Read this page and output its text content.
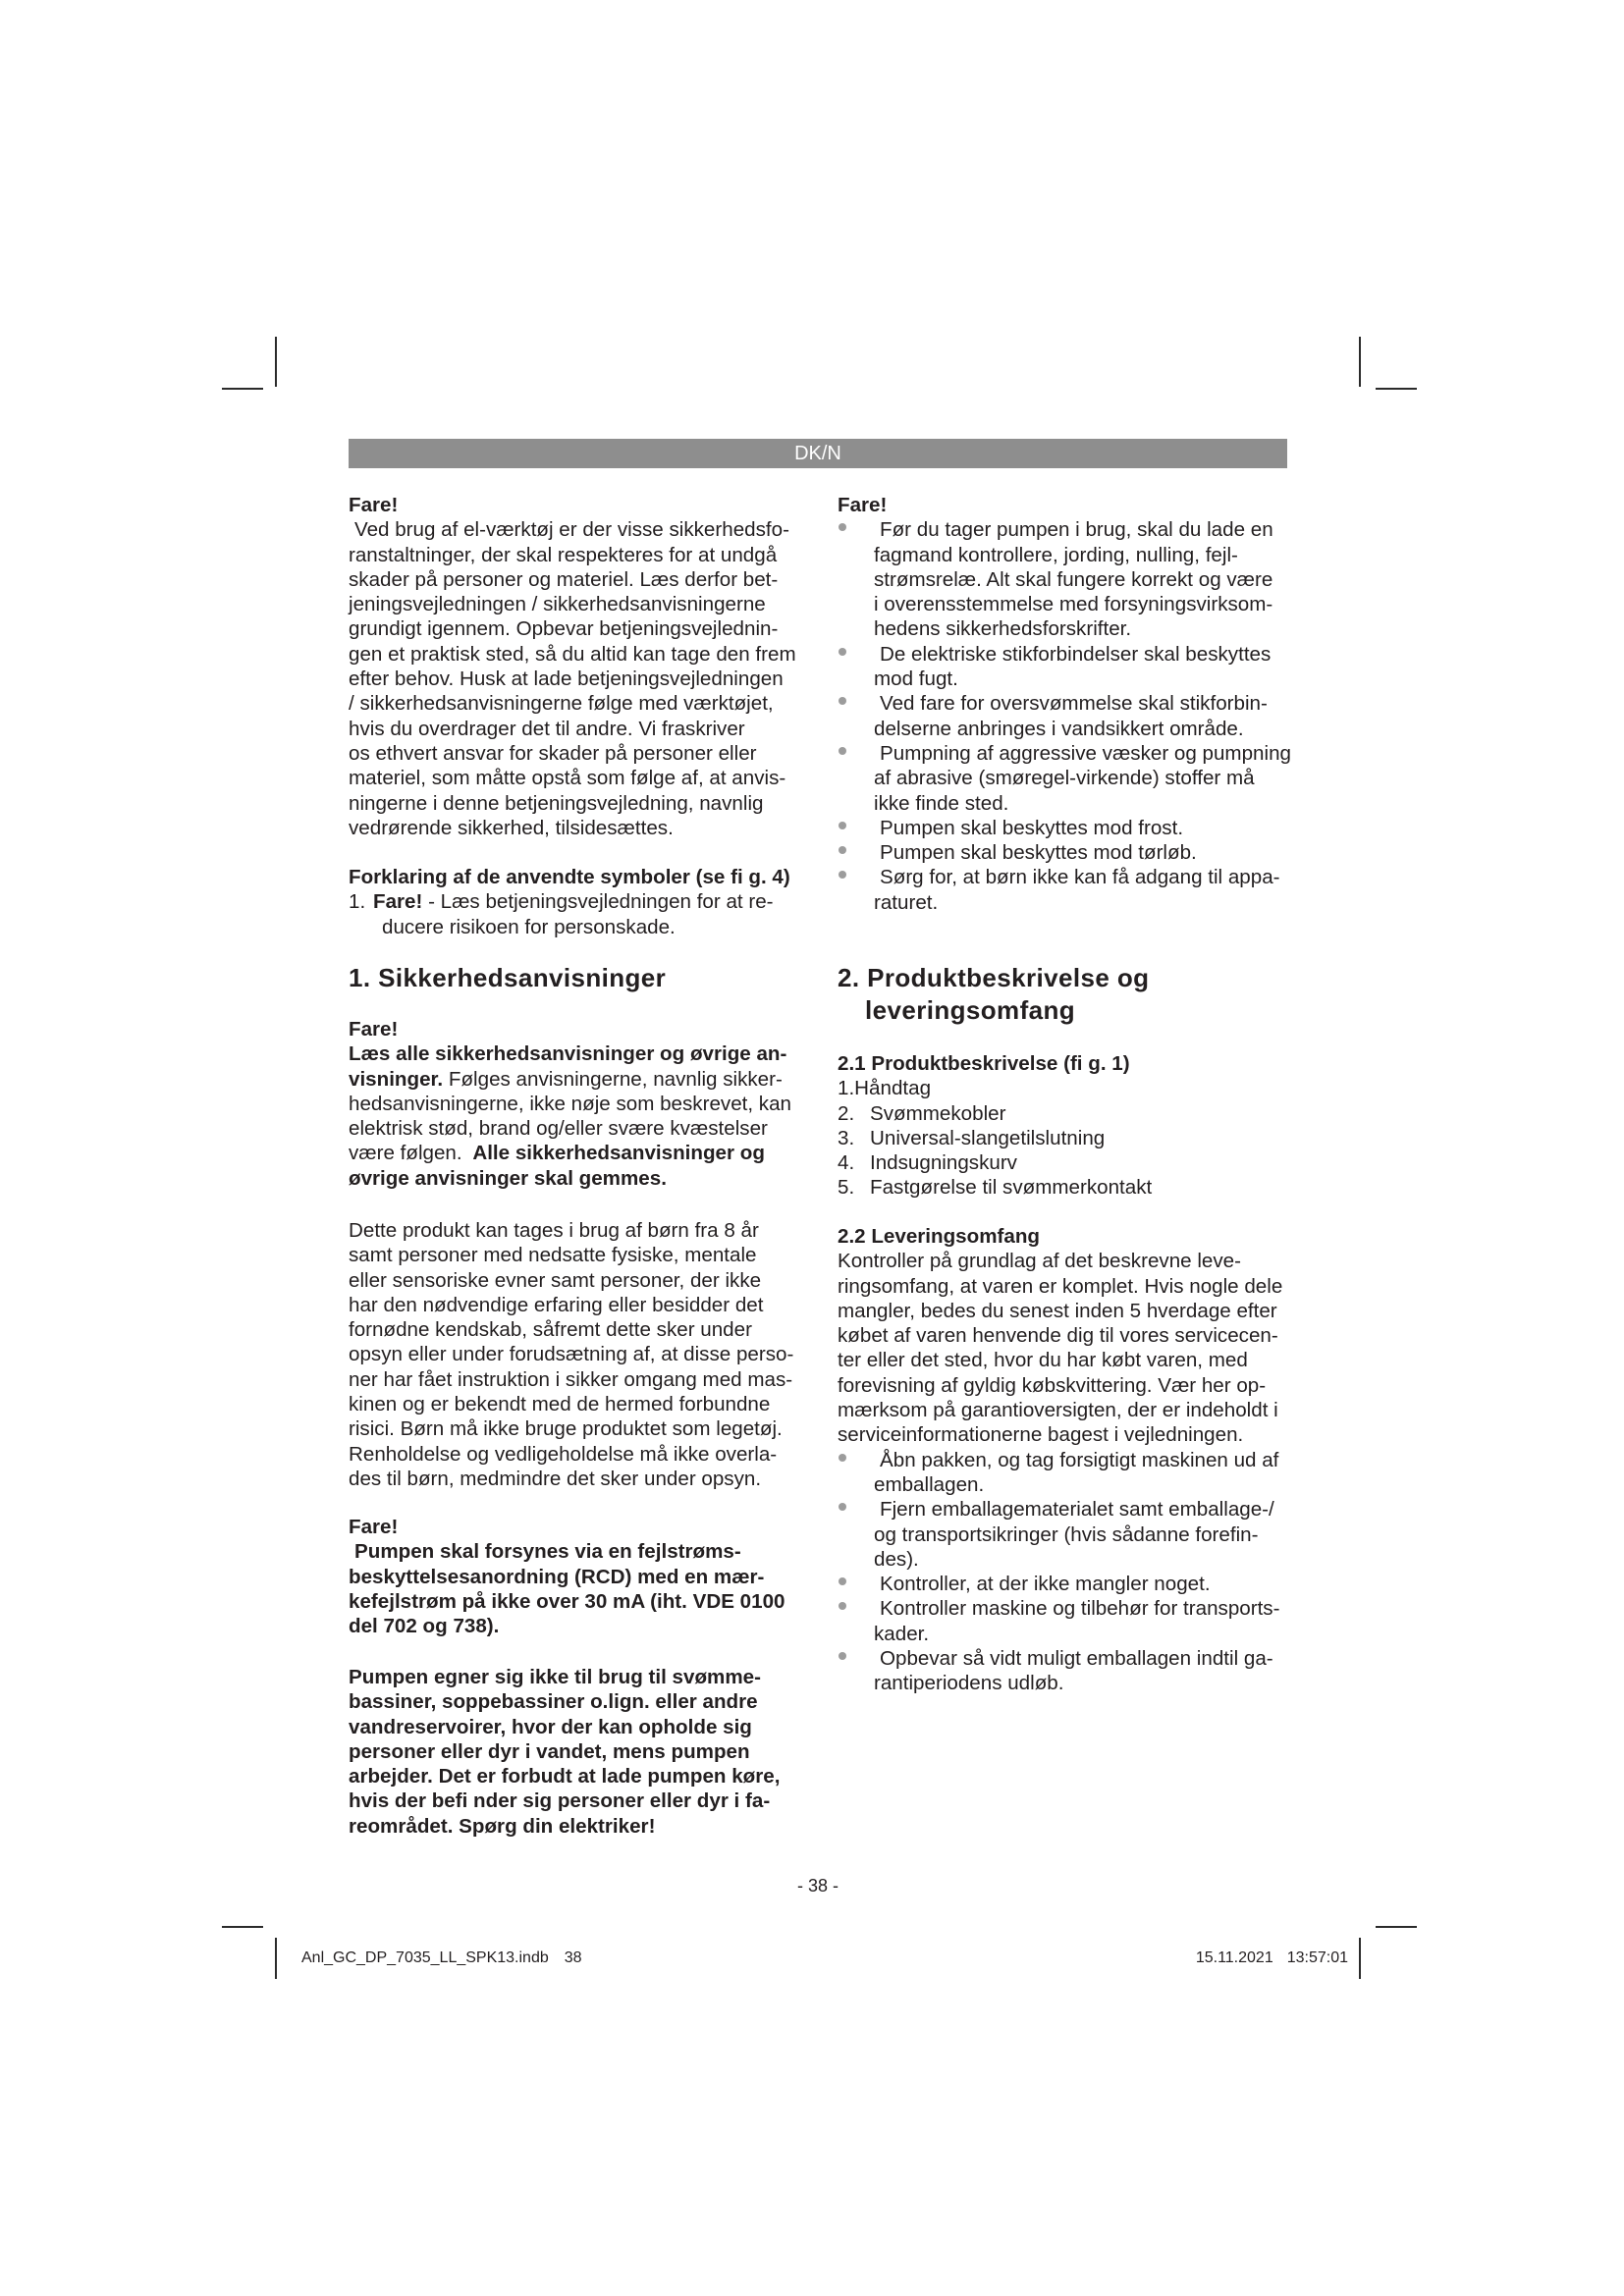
DK/N
Fare!
Ved brug af el-værktøj er der visse sikkerhedsfo-
ranstaltninger, der skal respekteres for at undgå
skader på personer og materiel. Læs derfor bet-
jeningsvejledningen / sikkerhedsanvisningerne
grundigt igennem. Opbevar betjeningsvejlednin-
gen et praktisk sted, så du altid kan tage den frem
efter behov. Husk at lade betjeningsvejledningen
/ sikkerhedsanvisningerne følge med værktøjet,
hvis du overdrager det til andre. Vi fraskriver
os ethvert ansvar for skader på personer eller
materiel, som måtte opstå som følge af, at anvis-
ningerne i denne betjeningsvejledning, navnlig
vedrørende sikkerhed, tilsidesættes.
Forklaring af de anvendte symboler (se fi g. 4)
1. Fare! - Læs betjeningsvejledningen for at re-
ducere risikoen for personskade.
1. Sikkerhedsanvisninger
Fare!
Læs alle sikkerhedsanvisninger og øvrige an-
visninger. Følges anvisningerne, navnlig sikker-
hedsanvisningerne, ikke nøje som beskrevet, kan
elektrisk stød, brand og/eller svære kvæstelser
være følgen. Alle sikkerhedsanvisninger og
øvrige anvisninger skal gemmes.
Dette produkt kan tages i brug af børn fra 8 år
samt personer med nedsatte fysiske, mentale
eller sensoriske evner samt personer, der ikke
har den nødvendige erfaring eller besidder det
fornødne kendskab, såfremt dette sker under
opsyn eller under forudsætning af, at disse perso-
ner har fået instruktion i sikker omgang med mas-
kinen og er bekendt med de hermed forbundne
risici. Børn må ikke bruge produktet som legetøj.
Renholdelse og vedligeholdelse må ikke overla-
des til børn, medmindre det sker under opsyn.
Fare!
Pumpen skal forsynes via en fejlstrøms-
beskyttelsesanordning (RCD) med en mær-
kefejlstrøm på ikke over 30 mA (iht. VDE 0100
del 702 og 738).
Pumpen egner sig ikke til brug til svømme-
bassiner, soppebassiner o.lign. eller andre
vandreservoirer, hvor der kan opholde sig
personer eller dyr i vandet, mens pumpen
arbejder. Det er forbudt at lade pumpen køre,
hvis der befi nder sig personer eller dyr i fa-
reområdet. Spørg din elektriker!
Fare!
Før du tager pumpen i brug, skal du lade en
fagmand kontrollere, jording, nulling, fejl-
strømsrelæ. Alt skal fungere korrekt og være
i overensstemmelse med forsyningsvirksom-
hedens sikkerhedsforskrifter.
De elektriske stikforbindelser skal beskyttes
mod fugt.
Ved fare for oversvømmelse skal stikforbin-
delserne anbringes i vandsikkert område.
Pumpning af aggressive væsker og pumpning
af abrasive (smøregel-virkende) stoffer må
ikke finde sted.
Pumpen skal beskyttes mod frost.
Pumpen skal beskyttes mod tørløb.
Sørg for, at børn ikke kan få adgang til appa-
raturet.
2. Produktbeskrivelse og
leveringsomfang
2.1 Produktbeskrivelse (fi g. 1)
1.Håndtag
2. Svømmekobler
3. Universal-slangetilslutning
4. Indsugningskurv
5. Fastgørelse til svømmerkontakt
2.2 Leveringsomfang
Kontroller på grundlag af det beskrevne leve-
ringsomfang, at varen er komplet. Hvis nogle dele
mangler, bedes du senest inden 5 hverdage efter
købet af varen henvende dig til vores servicecen-
ter eller det sted, hvor du har købt varen, med
forevisning af gyldig købskvittering. Vær her op-
mærksom på garantioversigten, der er indeholdt i
serviceinformationerne bagest i vejledningen.
Åbn pakken, og tag forsigtigt maskinen ud af
emballagen.
Fjern emballagematerialet samt emballage-/
og transportsikringer (hvis sådanne forefin-
des).
Kontroller, at der ikke mangler noget.
Kontroller maskine og tilbehør for transports-
kader.
Opbevar så vidt muligt emballagen indtil ga-
rantiperiodens udløb.
- 38 -
Anl_GC_DP_7035_LL_SPK13.indb 38	15.11.2021 13:57:01
